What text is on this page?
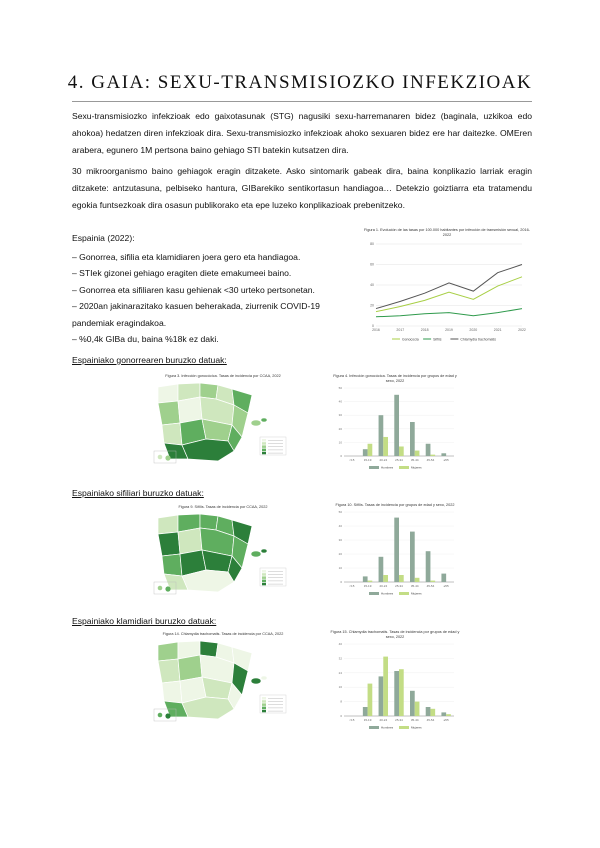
4. GAIA: SEXU-TRANSMISIOZKO INFEKZIOAK

Sexu-transmisiozko infekzioak edo gaixotasunak (STG) nagusiki sexu-harremanaren bidez (baginala, uzkikoa edo ahokoa) hedatzen diren infekzioak dira. Sexu-transmisiozko infekzioak ahoko sexuaren bidez ere har daitezke. OMEren arabera, egunero 1M pertsona baino gehiago STI batekin kutsatzen dira.

30 mikroorganismo baino gehiagok eragin ditzakete. Asko sintomarik gabeak dira, baina konplikazio larriak eragin ditzakete: antzutasuna, pelbiseko hantura, GIBarekiko sentikortasun handiagoa… Detekzio goiztiarra eta tratamendu egokia funtsezkoak dira osasun publikorako eta epe luzeko konplikazioak prebenitzeko.

Espainia (2022):

– Gonorrea, sifilia eta klamidiaren joera gero eta handiagoa.

– STIek gizonei gehiago eragiten diete emakumeei baino.

– Gonorrea eta sifiliaren kasu gehienak <30 urteko pertsonetan.

– 2020an jakinarazitako kasuen beherakada, ziurrenik COVID-19 pandemiak eragindakoa.

– %0,4k GIBa du, baina %18k ez daki.

Figura 1. Evolución de las tasas por 100.000 habitantes por infección de transmisión sexual, 2016-2022
0
20
40
60
80
2016	2017	2018	2019	2020	2021	2022
Gonococia	Sífilis	Chlamydia trachomatis

Espainiako gonorrearen buruzko datuak:

Espainiako sifiliari buruzko datuak:

Espainiako klamidiari buruzko datuak:

Figura 3. Infección gonocócica. Tasas de incidencia por CCAA, 2022
Figura 9. Sífilis. Tasas de incidencia por CCAA, 2022
Figura 14. Chlamydia trachomatis. Tasas de incidencia por CCAA, 2022
Figura 4. Infección gonocócica. Tasas de incidencia por grupos de edad y sexo, 2022
0
10
20
30
40
50
<15	15-19	20-24	25-34	35-44	45-54	≥55
Hombres	Mujeres
Figura 10. Sífilis. Tasas de incidencia por grupos de edad y sexo, 2022
0
10
20
30
40
50
<15	15-19	20-24	25-34	35-44	45-54	≥55
Hombres	Mujeres
Figura 15. Chlamydia trachomatis. Tasas de incidencia por grupos de edad y sexo, 2022
0
8
16
24
32
40
<15	15-19	20-24	25-34	35-44	45-54	≥55
Hombres	Mujeres
